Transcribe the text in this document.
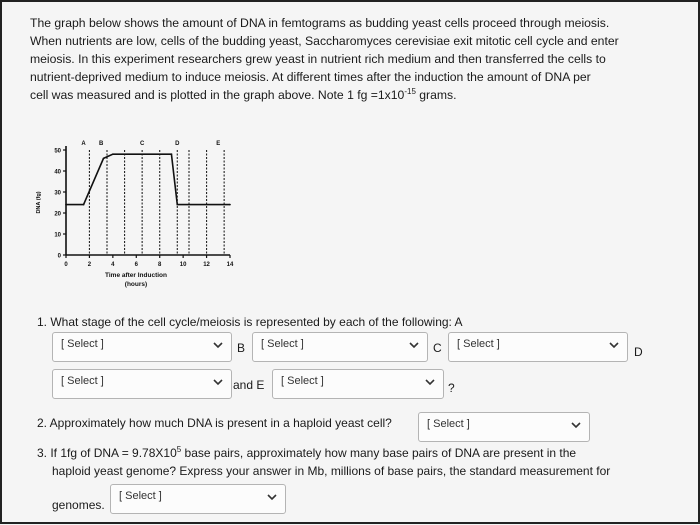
The graph below shows the amount of DNA in femtograms as budding yeast cells proceed through meiosis.
When nutrients are low, cells of the budding yeast, Saccharomyces cerevisiae exit mitotic cell cycle and enter
meiosis. In this experiment researchers grew yeast in nutrient rich medium and then transferred the cells to
nutrient-deprived medium to induce meiosis. At different times after the induction the amount of DNA per
cell was measured and is plotted in the graph above. Note 1 fg $=1x10^{-15}$ grams.

DNA (fg)
0
10
20
30
40
50
0	2	4	6	8	10	12	14
A B	C	D	E
Time after Induction
(hours)
1. What stage of the cell cycle/meiosis is represented by each of the following: A
[ Select ]	B	[ Select ]	C	[ Select ]
D
[ Select ]	and E	[ Select ]	?
2. Approximately how much DNA is present in a haploid yeast cell?	[ Select ]
3. If 1fg of DNA = $9.78X10^5$ base pairs, approximately how many base pairs of DNA are present in the
haploid yeast genome? Express your answer in Mb, millions of base pairs, the standard measurement for
genomes.
[ Select ]
